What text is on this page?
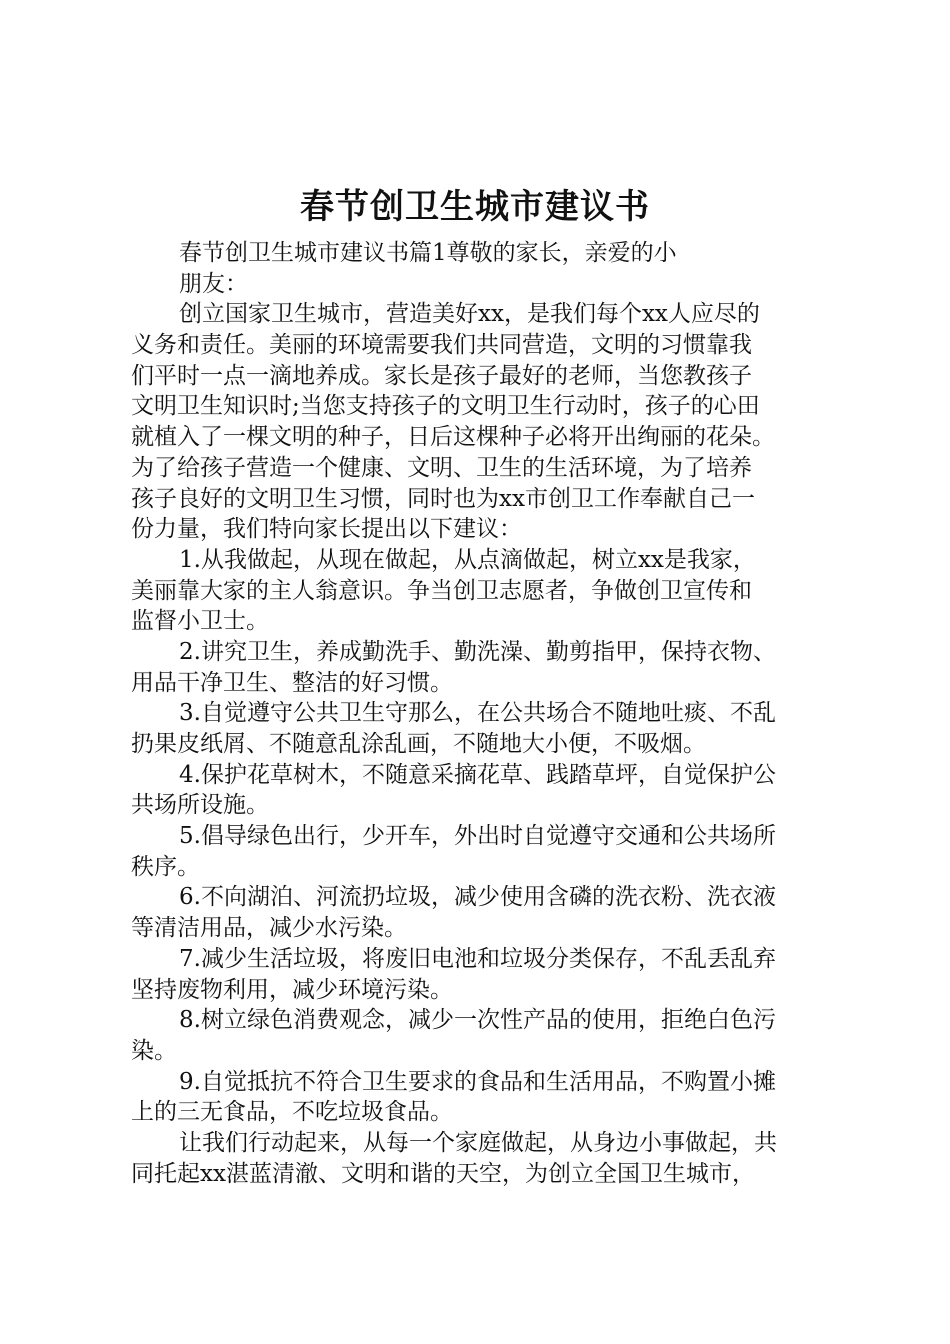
春节创卫生城市建议书
春节创卫生城市建议书篇1尊敬的家长，亲爱的小
朋友：
创立国家卫生城市，营造美好xx，是我们每个xx人应尽的
义务和责任。美丽的环境需要我们共同营造，文明的习惯靠我
们平时一点一滴地养成。家长是孩子最好的老师，当您教孩子
文明卫生知识时;当您支持孩子的文明卫生行动时，孩子的心田
就植入了一棵文明的种子，日后这棵种子必将开出绚丽的花朵。
为了给孩子营造一个健康、文明、卫生的生活环境，为了培养
孩子良好的文明卫生习惯，同时也为xx市创卫工作奉献自己一
份力量，我们特向家长提出以下建议：
1.从我做起，从现在做起，从点滴做起，树立xx是我家，
美丽靠大家的主人翁意识。争当创卫志愿者，争做创卫宣传和
监督小卫士。
2.讲究卫生，养成勤洗手、勤洗澡、勤剪指甲，保持衣物、
用品干净卫生、整洁的好习惯。
3.自觉遵守公共卫生守那么，在公共场合不随地吐痰、不乱
扔果皮纸屑、不随意乱涂乱画，不随地大小便，不吸烟。
4.保护花草树木，不随意采摘花草、践踏草坪，自觉保护公
共场所设施。
5.倡导绿色出行，少开车，外出时自觉遵守交通和公共场所
秩序。
6.不向湖泊、河流扔垃圾，减少使用含磷的洗衣粉、洗衣液
等清洁用品，减少水污染。
7.减少生活垃圾，将废旧电池和垃圾分类保存，不乱丢乱弃
坚持废物利用，减少环境污染。
8.树立绿色消费观念，减少一次性产品的使用，拒绝白色污
染。
9.自觉抵抗不符合卫生要求的食品和生活用品，不购置小摊
上的三无食品，不吃垃圾食品。
让我们行动起来，从每一个家庭做起，从身边小事做起，共
同托起xx湛蓝清澈、文明和谐的天空，为创立全国卫生城市，
